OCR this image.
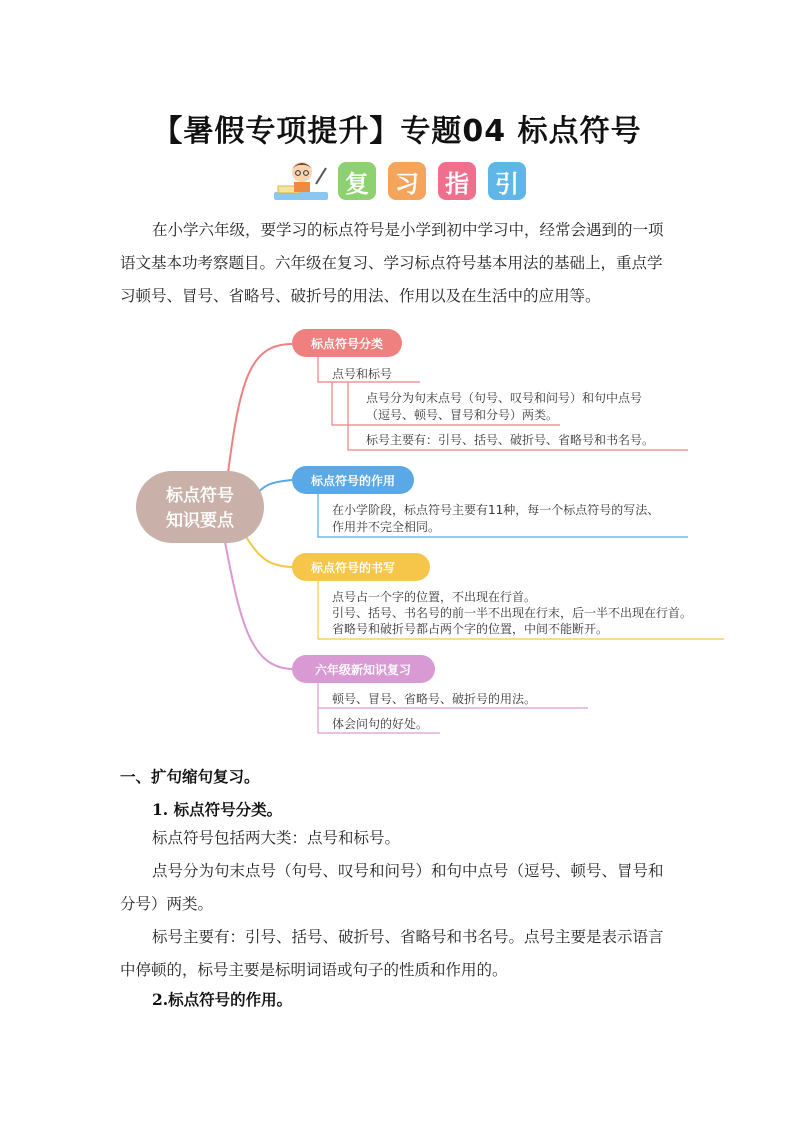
【暑假专项提升】专题04 标点符号
复 习 指 引
在小学六年级，要学习的标点符号是小学到初中学习中，经常会遇到的一项
语文基本功考察题目。六年级在复习、学习标点符号基本用法的基础上，重点学
习顿号、冒号、省略号、破折号的用法、作用以及在生活中的应用等。
标点符号
知识要点
标点符号分类
点号和标号
点号分为句末点号（句号、叹号和问号）和句中点号
（逗号、顿号、冒号和分号）两类。
标号主要有：引号、括号、破折号、省略号和书名号。
标点符号的作用
在小学阶段，标点符号主要有11种，每一个标点符号的写法、
作用并不完全相同。
标点符号的书写
点号占一个字的位置，不出现在行首。
引号、括号、书名号的前一半不出现在行末，后一半不出现在行首。
省略号和破折号都占两个字的位置，中间不能断开。
六年级新知识复习
顿号、冒号、省略号、破折号的用法。
体会问句的好处。
一、扩句缩句复习。
1. 标点符号分类。
标点符号包括两大类：点号和标号。
点号分为句末点号（句号、叹号和问号）和句中点号（逗号、顿号、冒号和
分号）两类。
标号主要有：引号、括号、破折号、省略号和书名号。点号主要是表示语言
中停顿的，标号主要是标明词语或句子的性质和作用的。
2.标点符号的作用。
